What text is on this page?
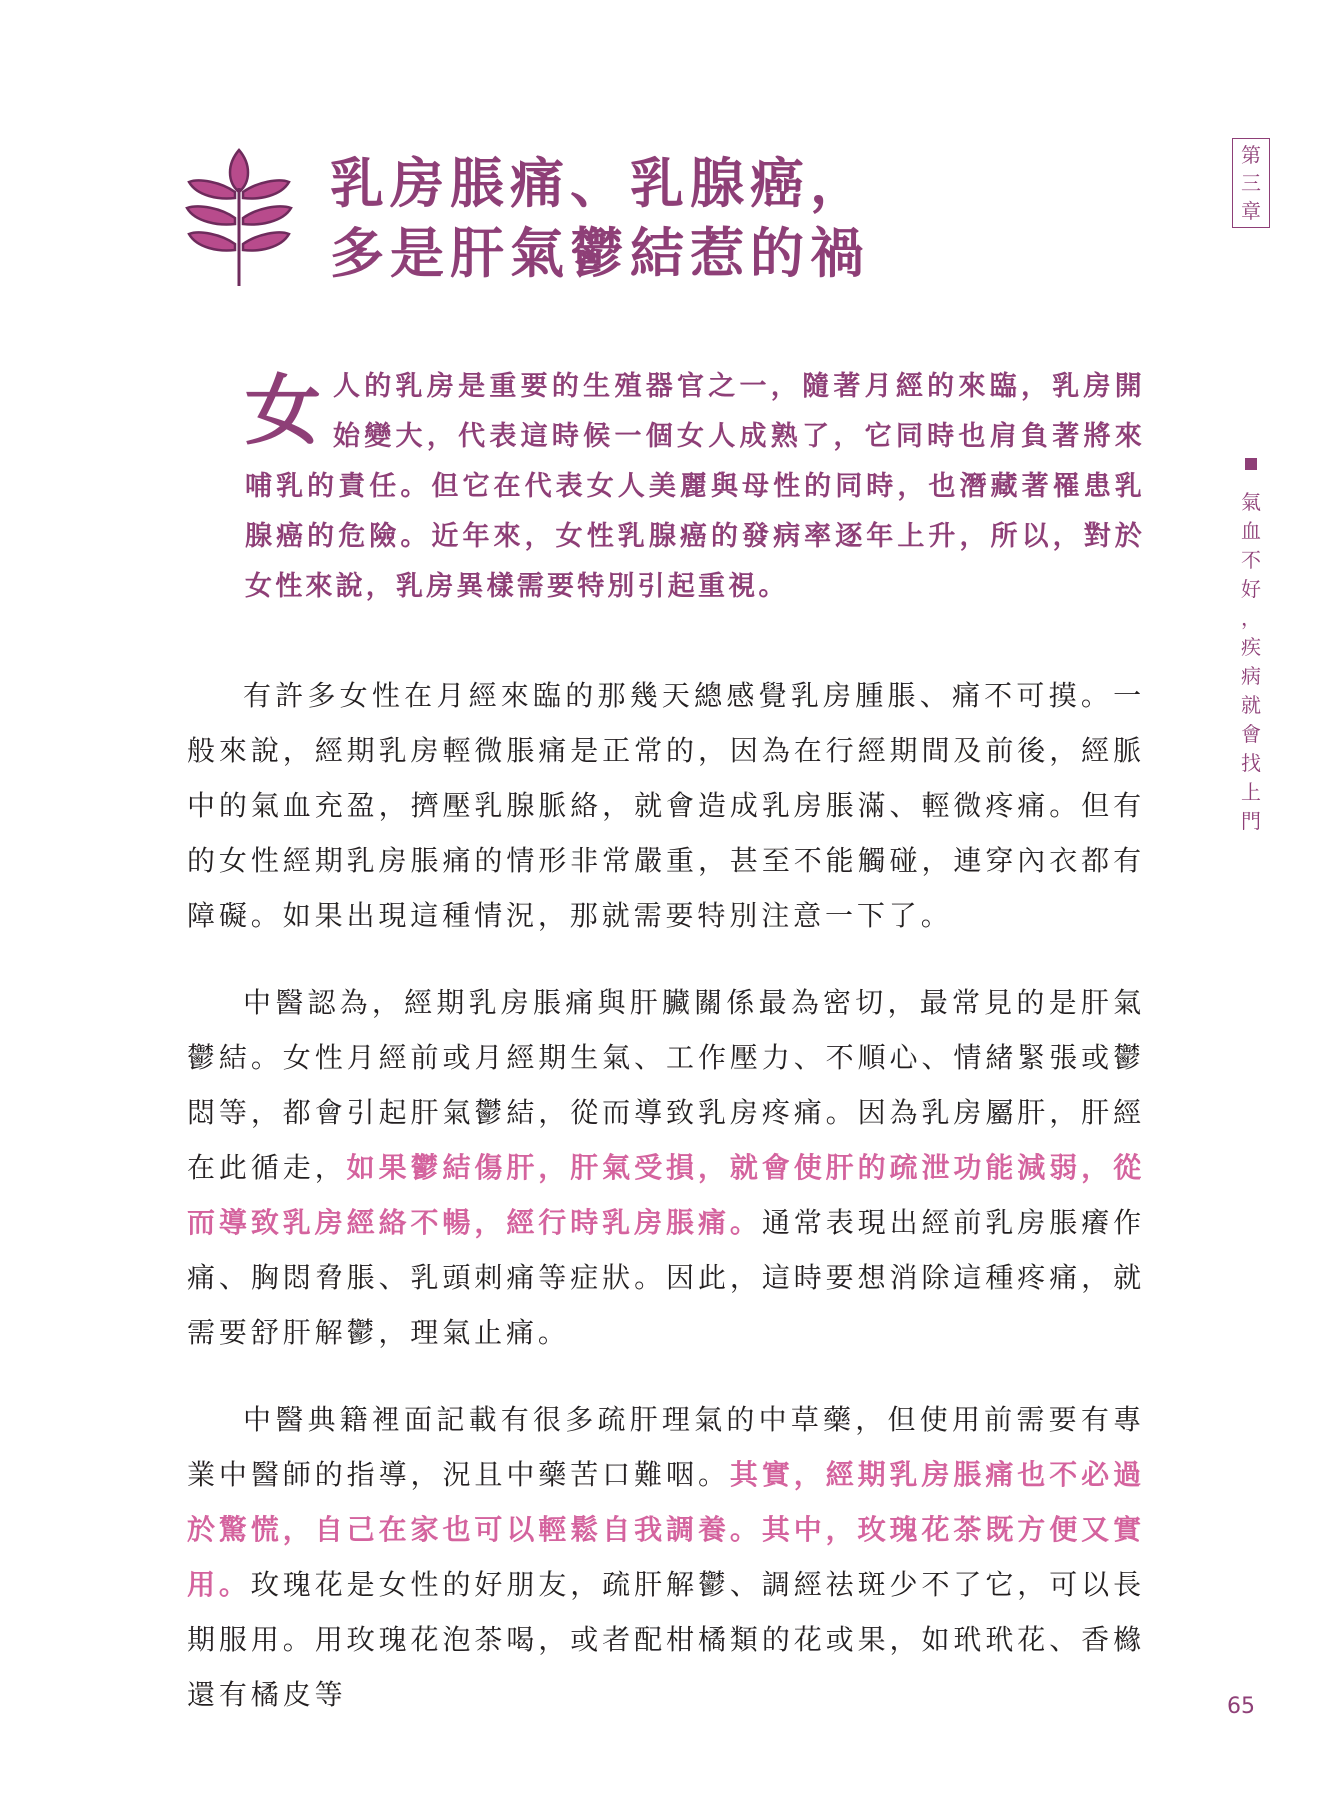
乳房脹痛、乳腺癌，
多是肝氣鬱結惹的禍
第
三
章
氣
血
不
好
，
疾
病
就
會
找
上
門
女人的乳房是重要的生殖器官之一，隨著月經的來臨，乳房開始變大，代表這時候一個女人成熟了，它同時也肩負著將來哺乳的責任。但它在代表女人美麗與母性的同時，也潛藏著罹患乳腺癌的危險。近年來，女性乳腺癌的發病率逐年上升，所以，對於女性來說，乳房異樣需要特別引起重視。

有許多女性在月經來臨的那幾天總感覺乳房腫脹、痛不可摸。一般來說，經期乳房輕微脹痛是正常的，因為在行經期間及前後，經脈中的氣血充盈，擠壓乳腺脈絡，就會造成乳房脹滿、輕微疼痛。但有的女性經期乳房脹痛的情形非常嚴重，甚至不能觸碰，連穿內衣都有障礙。如果出現這種情況，那就需要特別注意一下了。

中醫認為，經期乳房脹痛與肝臟關係最為密切，最常見的是肝氣鬱結。女性月經前或月經期生氣、工作壓力、不順心、情緒緊張或鬱悶等，都會引起肝氣鬱結，從而導致乳房疼痛。因為乳房屬肝，肝經在此循走，如果鬱結傷肝，肝氣受損，就會使肝的疏泄功能減弱，從而導致乳房經絡不暢，經行時乳房脹痛。通常表現出經前乳房脹癢作痛、胸悶脅脹、乳頭刺痛等症狀。因此，這時要想消除這種疼痛，就需要舒肝解鬱，理氣止痛。

中醫典籍裡面記載有很多疏肝理氣的中草藥，但使用前需要有專業中醫師的指導，況且中藥苦口難咽。其實，經期乳房脹痛也不必過於驚慌，自己在家也可以輕鬆自我調養。其中，玫瑰花茶既方便又實用。玫瑰花是女性的好朋友，疏肝解鬱、調經祛斑少不了它，可以長期服用。用玫瑰花泡茶喝，或者配柑橘類的花或果，如玳玳花、香櫞還有橘皮等	65
